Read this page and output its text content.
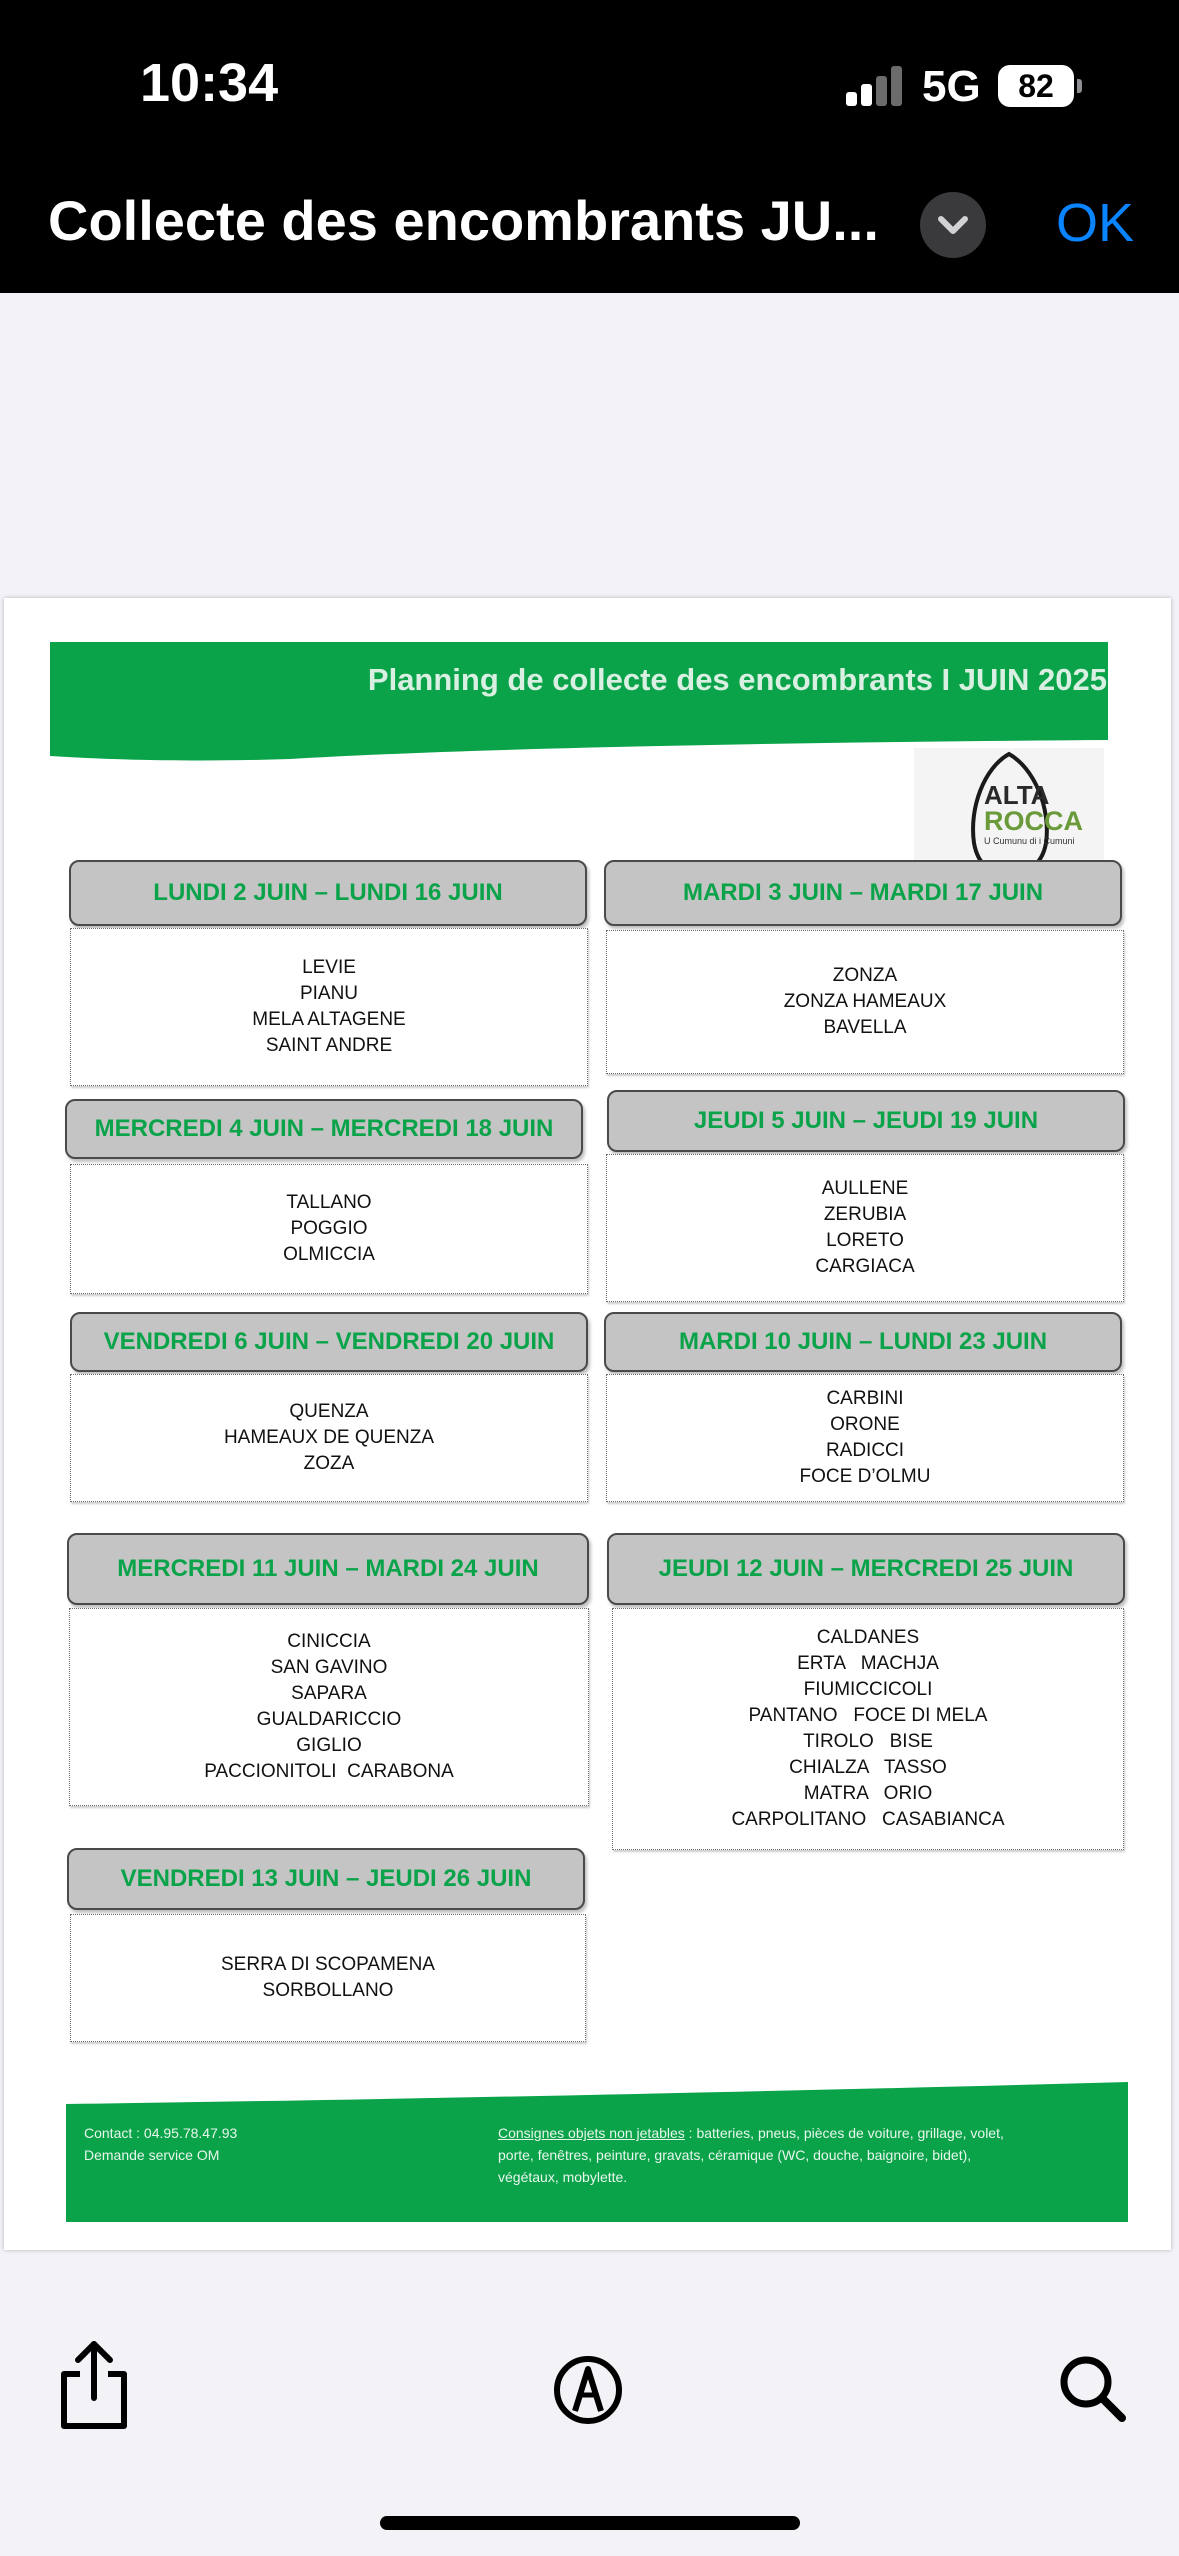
10:34	5G	82
Collecte des encombrants JU...	OK
Planning de collecte des encombrants I JUIN 2025
ALTA
ROCCA
U Cumunu di i Cumuni
LUNDI 2 JUIN – LUNDI 16 JUIN
LEVIE
PIANU
MELA ALTAGENE
SAINT ANDRE
MARDI 3 JUIN – MARDI 17 JUIN
ZONZA
ZONZA HAMEAUX
BAVELLA
MERCREDI 4 JUIN – MERCREDI 18 JUIN
TALLANO
POGGIO
OLMICCIA
JEUDI 5 JUIN – JEUDI 19 JUIN
AULLENE
ZERUBIA
LORETO
CARGIACA
VENDREDI 6 JUIN – VENDREDI 20 JUIN
QUENZA
HAMEAUX DE QUENZA
ZOZA
MARDI 10 JUIN – LUNDI 23 JUIN
CARBINI
ORONE
RADICCI
FOCE D’OLMU
MERCREDI 11 JUIN – MARDI 24 JUIN
CINICCIA
SAN GAVINO
SAPARA
GUALDARICCIO
GIGLIO
PACCIONITOLI  CARABONA
JEUDI 12 JUIN – MERCREDI 25 JUIN
CALDANES
ERTA   MACHJA
FIUMICCICOLI
PANTANO   FOCE DI MELA
TIROLO   BISE
CHIALZA   TASSO
MATRA   ORIO
CARPOLITANO   CASABIANCA
VENDREDI 13 JUIN – JEUDI 26 JUIN
SERRA DI SCOPAMENA
SORBOLLANO
Contact : 04.95.78.47.93
Demande service OM
Consignes objets non jetables : batteries, pneus, pièces de voiture, grillage, volet, porte, fenêtres, peinture, gravats, céramique (WC, douche, baignoire, bidet), végétaux, mobylette.
